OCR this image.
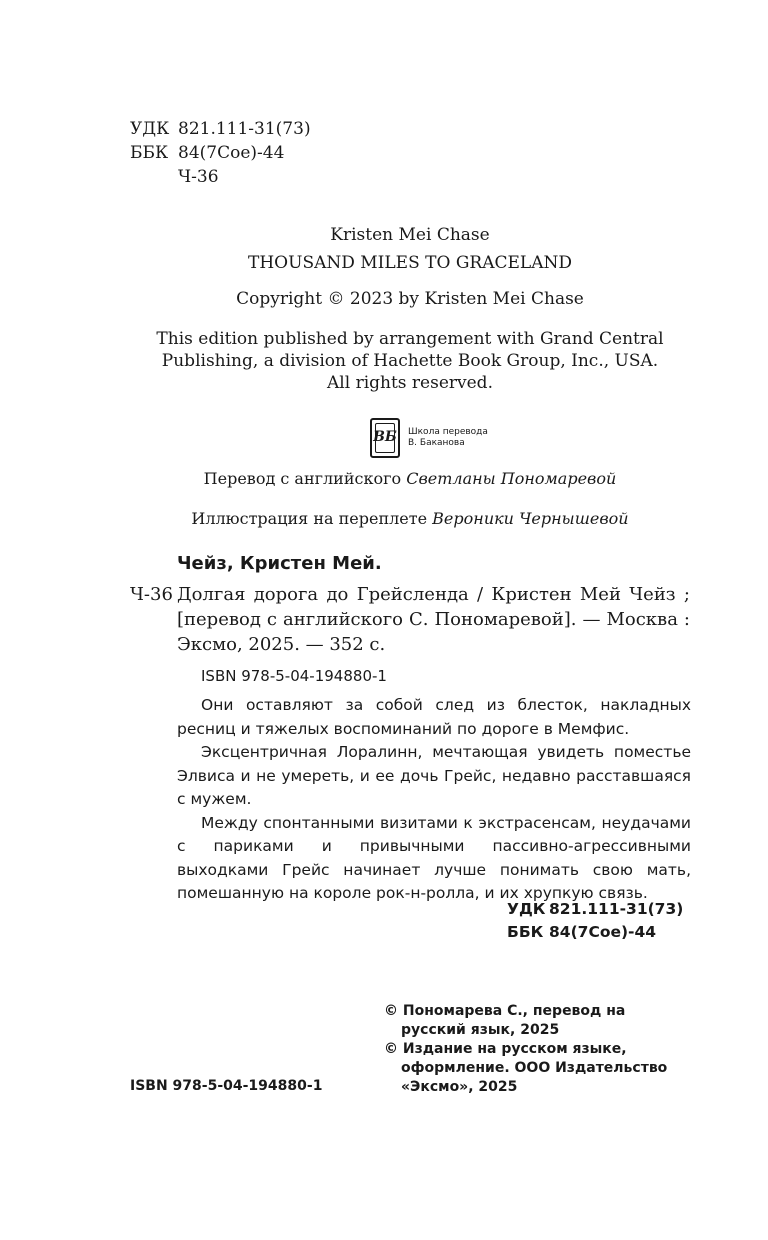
УДК 821.111-31(73)
ББК 84(7Сое)-44
Ч-36
Kristen Mei Chase
THOUSAND MILES TO GRACELAND
Copyright © 2023 by Kristen Mei Chase
This edition published by arrangement with Grand Central
Publishing, a division of Hachette Book Group, Inc., USA.
All rights reserved.
ВБ Школа перевода
В. Баканова
Перевод с английского Светланы Пономаревой
Иллюстрация на переплете Вероники Чернышевой
Чейз, Кристен Мей.
Ч-36 Долгая дорога до Грейсленда / Кристен Мей Чейз ; [перевод с английского С. Пономаревой]. — Москва : Эксмо, 2025. — 352 с.
ISBN 978-5-04-194880-1

Они оставляют за собой след из блесток, накладных ресниц и тяжелых воспоминаний по дороге в Мемфис.

Эксцентричная Лоралинн, мечтающая увидеть поместье Элвиса и не умереть, и ее дочь Грейс, недавно расставшаяся с мужем.

Между спонтанными визитами к экстрасенсам, неудачами с париками и привычными пассивно-агрессивными выходками Грейс начинает лучше понимать свою мать, помешанную на короле рок-н-ролла, и их хрупкую связь.

УДК 821.111-31(73)
ББК 84(7Сое)-44
© Пономарева С., перевод на русский язык, 2025
© Издание на русском языке, оформление. ООО Издательство «Эксмо», 2025
ISBN 978-5-04-194880-1
